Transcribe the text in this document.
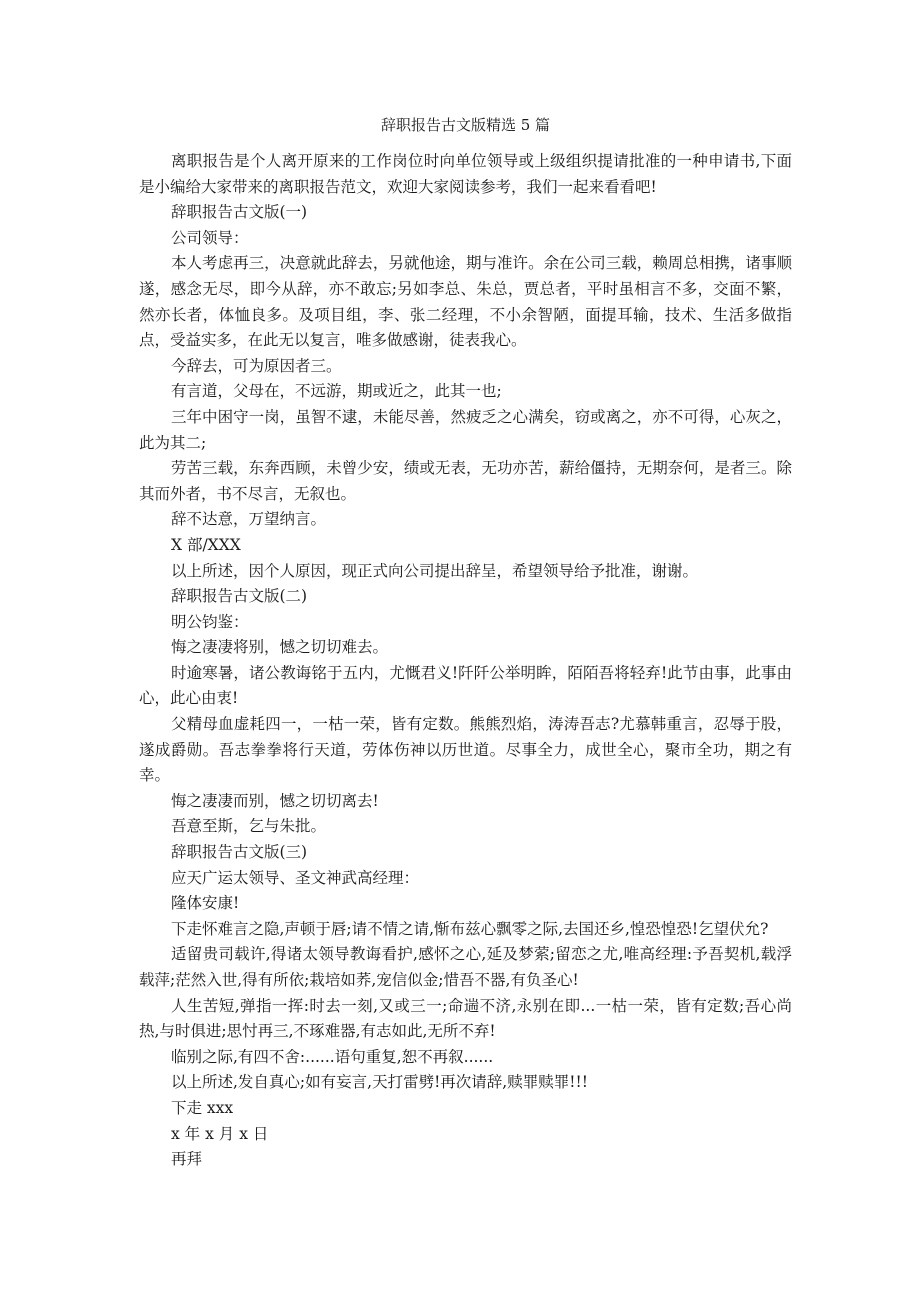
辞职报告古文版精选 5 篇

离职报告是个人离开原来的工作岗位时向单位领导或上级组织提请批准的一种申请书,下面是小编给大家带来的离职报告范文，欢迎大家阅读参考，我们一起来看看吧!

辞职报告古文版(一)

公司领导：

本人考虑再三，决意就此辞去，另就他途，期与准许。余在公司三载，赖周总相携，诸事顺遂，感念无尽，即今从辞，亦不敢忘;另如李总、朱总，贾总者，平时虽相言不多，交面不繁，然亦长者，体恤良多。及项目组，李、张二经理，不小余智陋，面提耳输，技术、生活多做指点，受益实多，在此无以复言，唯多做感谢，徒表我心。

今辞去，可为原因者三。

有言道，父母在，不远游，期或近之，此其一也;

三年中困守一岗，虽智不逮，未能尽善，然疲乏之心满矣，窃或离之，亦不可得，心灰之，此为其二;

劳苦三载，东奔西顾，未曾少安，绩或无表，无功亦苦，薪给僵持，无期奈何，是者三。除其而外者，书不尽言，无叙也。

辞不达意，万望纳言。

X 部/XXX

以上所述，因个人原因，现正式向公司提出辞呈，希望领导给予批准，谢谢。

辞职报告古文版(二)

明公钧鉴：

悔之凄凄将别，憾之切切难去。

时逾寒暑，诸公教诲铭于五内，尤慨君义!阡阡公举明眸，陌陌吾将轻弃!此节由事，此事由心，此心由衷!

父精母血虚耗四一，一枯一荣，皆有定数。熊熊烈焰，涛涛吾志?尤慕韩重言，忍辱于股，遂成爵勋。吾志拳拳将行天道，劳体伤神以历世道。尽事全力，成世全心，聚市全功，期之有幸。

悔之凄凄而别，憾之切切离去!

吾意至斯，乞与朱批。

辞职报告古文版(三)

应天广运太领导、圣文神武高经理：

隆体安康!

下走怀难言之隐,声顿于唇;请不情之请,惭布兹心飘零之际,去国还乡,惶恐惶恐!乞望伏允?

适留贵司载许,得诸太领导教诲看护,感怀之心,延及梦萦;留恋之尤,唯高经理:予吾契机,载浮载萍;茫然入世,得有所依;栽培如荞,宠信似金;惜吾不器,有负圣心!

人生苦短,弹指一挥:时去一刻,又或三一;命遄不济,永别在即...一枯一荣，皆有定数;吾心尚热,与时俱进;思忖再三,不琢难器,有志如此,无所不弃!

临别之际,有四不舍:......语句重复,恕不再叙......

以上所述,发自真心;如有妄言,天打雷劈!再次请辞,赎罪赎罪!!!

下走 xxx

x 年 x 月 x 日

再拜
